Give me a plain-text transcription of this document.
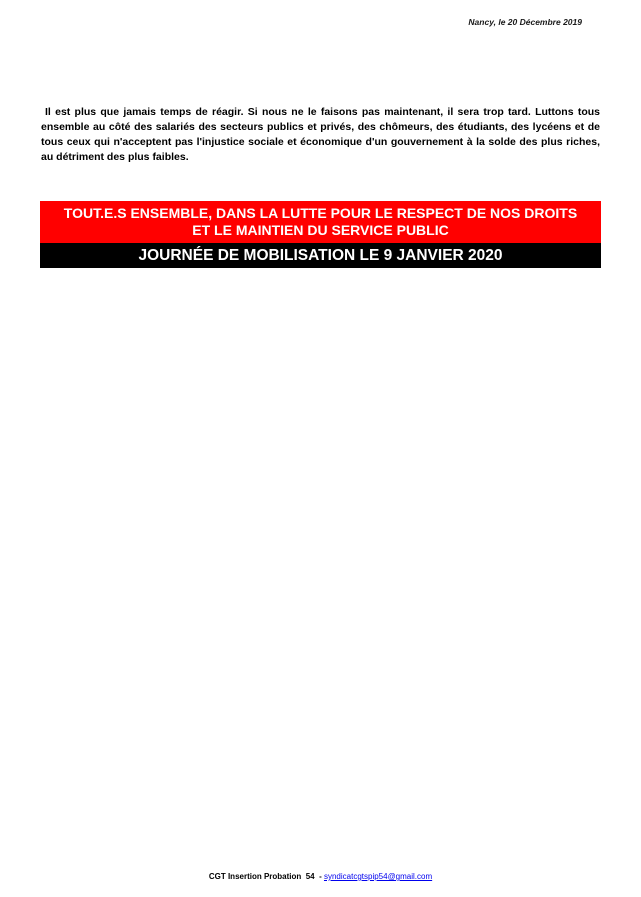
Nancy, le 20 Décembre 2019

Il est plus que jamais temps de réagir. Si nous ne le faisons pas maintenant, il sera trop tard. Luttons tous ensemble au côté des salariés des secteurs publics et privés, des chômeurs, des étudiants, des lycéens et de tous ceux qui n'acceptent pas l'injustice sociale et économique d'un gouvernement à la solde des plus riches, au détriment des plus faibles.

TOUT.E.S ENSEMBLE, DANS LA LUTTE POUR LE RESPECT DE NOS DROITS
ET LE MAINTIEN DU SERVICE PUBLIC
JOURNÉE DE MOBILISATION LE 9 JANVIER 2020
CGT Insertion Probation  54  - syndicatcgtspip54@gmail.com
